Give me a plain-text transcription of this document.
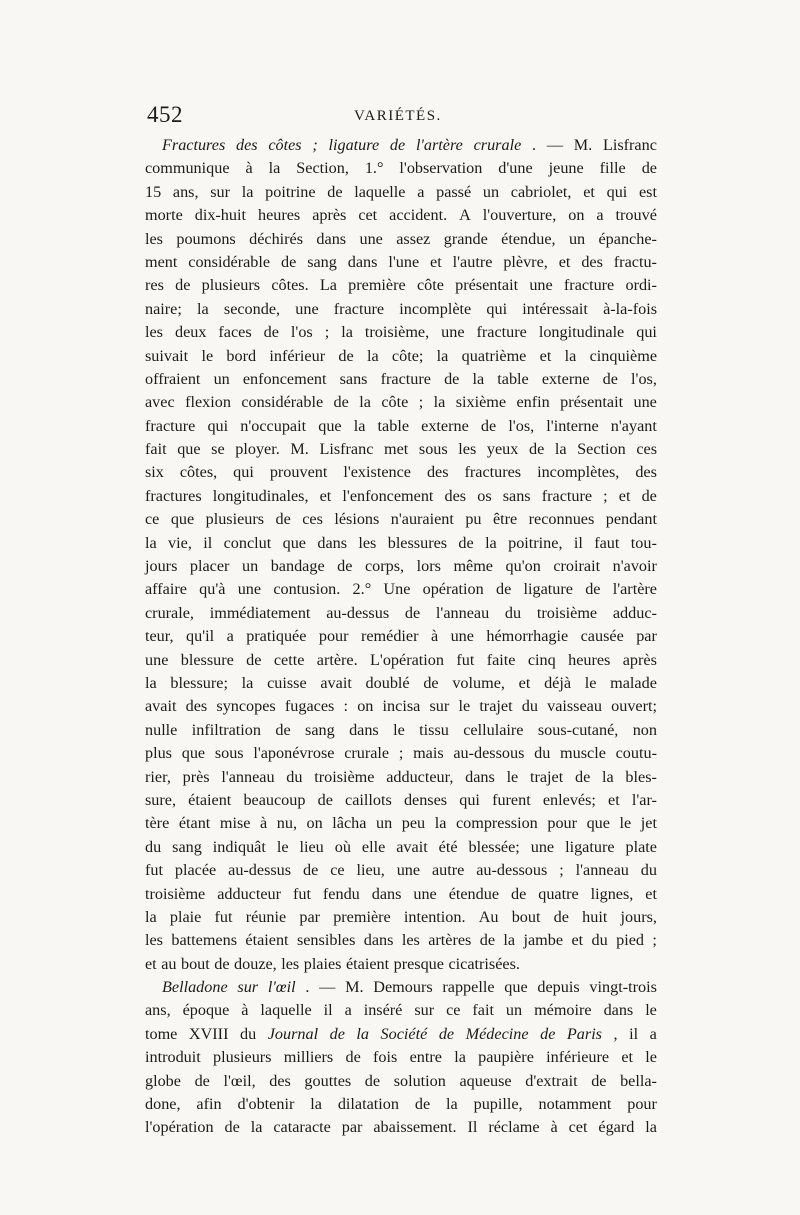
452	VARIÉTÉS.
Fractures des côtes ; ligature de l'artère crurale . — M. Lisfranc
communique à la Section, 1.° l'observation d'une jeune fille de
15 ans, sur la poitrine de laquelle a passé un cabriolet, et qui est
morte dix-huit heures après cet accident. A l'ouverture, on a trouvé
les poumons déchirés dans une assez grande étendue, un épanche-
ment considérable de sang dans l'une et l'autre plèvre, et des fractu-
res de plusieurs côtes. La première côte présentait une fracture ordi-
naire; la seconde, une fracture incomplète qui intéressait à-la-fois
les deux faces de l'os ; la troisième, une fracture longitudinale qui
suivait le bord inférieur de la côte; la quatrième et la cinquième
offraient un enfoncement sans fracture de la table externe de l'os,
avec flexion considérable de la côte ; la sixième enfin présentait une
fracture qui n'occupait que la table externe de l'os, l'interne n'ayant
fait que se ployer. M. Lisfranc met sous les yeux de la Section ces
six côtes, qui prouvent l'existence des fractures incomplètes, des
fractures longitudinales, et l'enfoncement des os sans fracture ; et de
ce que plusieurs de ces lésions n'auraient pu être reconnues pendant
la vie, il conclut que dans les blessures de la poitrine, il faut tou-
jours placer un bandage de corps, lors même qu'on croirait n'avoir
affaire qu'à une contusion. 2.° Une opération de ligature de l'artère
crurale, immédiatement au-dessus de l'anneau du troisième adduc-
teur, qu'il a pratiquée pour remédier à une hémorrhagie causée par
une blessure de cette artère. L'opération fut faite cinq heures après
la blessure; la cuisse avait doublé de volume, et déjà le malade
avait des syncopes fugaces : on incisa sur le trajet du vaisseau ouvert;
nulle infiltration de sang dans le tissu cellulaire sous-cutané, non
plus que sous l'aponévrose crurale ; mais au-dessous du muscle coutu-
rier, près l'anneau du troisième adducteur, dans le trajet de la bles-
sure, étaient beaucoup de caillots denses qui furent enlevés; et l'ar-
tère étant mise à nu, on lâcha un peu la compression pour que le jet
du sang indiquât le lieu où elle avait été blessée; une ligature plate
fut placée au-dessus de ce lieu, une autre au-dessous ; l'anneau du
troisième adducteur fut fendu dans une étendue de quatre lignes, et
la plaie fut réunie par première intention. Au bout de huit jours,
les battemens étaient sensibles dans les artères de la jambe et du pied ;
et au bout de douze, les plaies étaient presque cicatrisées.
Belladone sur l'œil . — M. Demours rappelle que depuis vingt-trois
ans, époque à laquelle il a inséré sur ce fait un mémoire dans le
tome XVIII du Journal de la Société de Médecine de Paris , il a
introduit plusieurs milliers de fois entre la paupière inférieure et le
globe de l'œil, des gouttes de solution aqueuse d'extrait de bella-
done, afin d'obtenir la dilatation de la pupille, notamment pour
l'opération de la cataracte par abaissement. Il réclame à cet égard la
